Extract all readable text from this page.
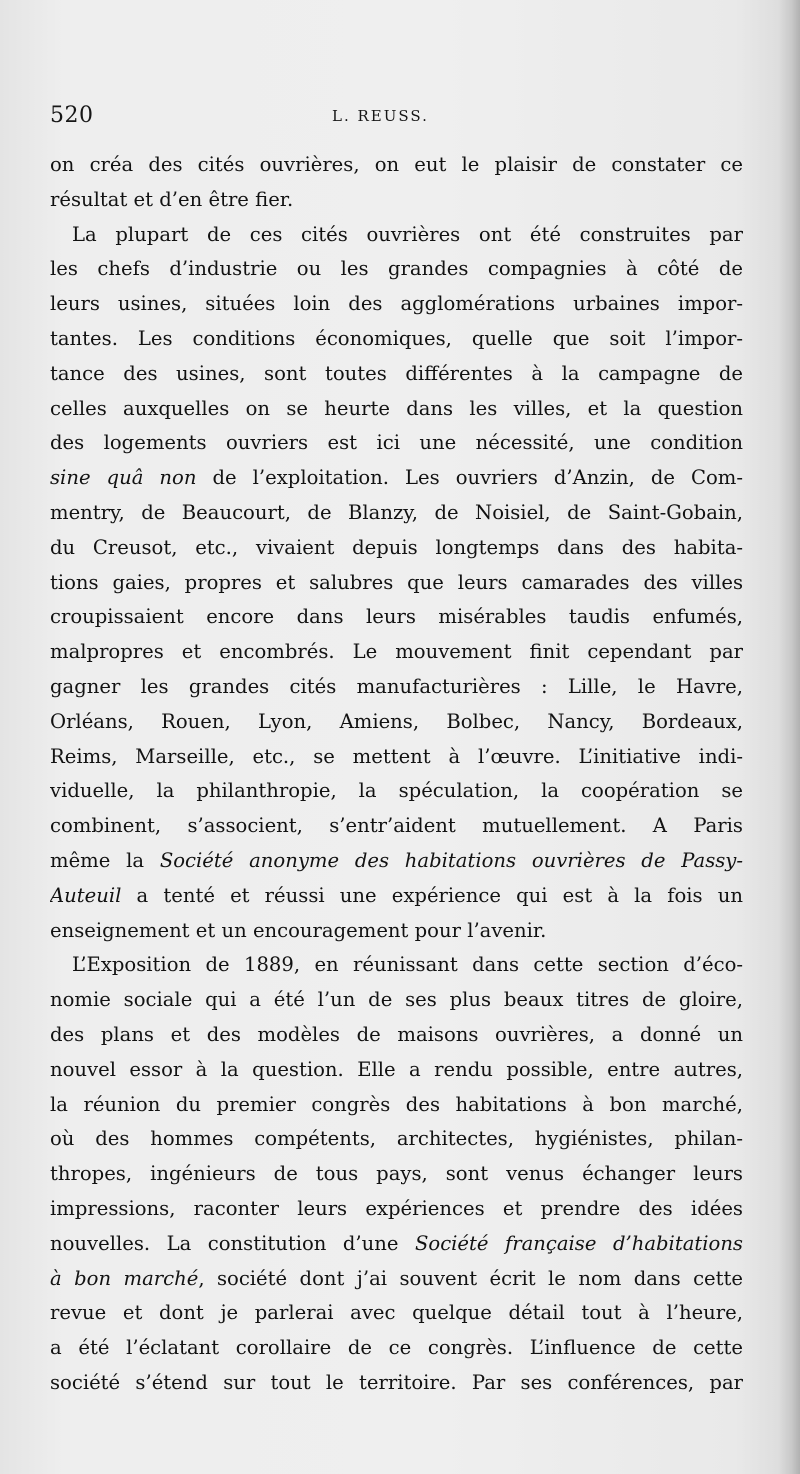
520	L. REUSS.
on créa des cités ouvrières, on eut le plaisir de constater ce
résultat et d’en être fier.
La plupart de ces cités ouvrières ont été construites par
les chefs d’industrie ou les grandes compagnies à côté de
leurs usines, situées loin des agglomérations urbaines impor-
tantes. Les conditions économiques, quelle que soit l’impor-
tance des usines, sont toutes différentes à la campagne de
celles auxquelles on se heurte dans les villes, et la question
des logements ouvriers est ici une nécessité, une condition
sine quâ non de l’exploitation. Les ouvriers d’Anzin, de Com-
mentry, de Beaucourt, de Blanzy, de Noisiel, de Saint-Gobain,
du Creusot, etc., vivaient depuis longtemps dans des habita-
tions gaies, propres et salubres que leurs camarades des villes
croupissaient encore dans leurs misérables taudis enfumés,
malpropres et encombrés. Le mouvement finit cependant par
gagner les grandes cités manufacturières : Lille, le Havre,
Orléans, Rouen, Lyon, Amiens, Bolbec, Nancy, Bordeaux,
Reims, Marseille, etc., se mettent à l’œuvre. L’initiative indi-
viduelle, la philanthropie, la spéculation, la coopération se
combinent, s’associent, s’entr’aident mutuellement. A Paris
même la Société anonyme des habitations ouvrières de Passy-
Auteuil a tenté et réussi une expérience qui est à la fois un
enseignement et un encouragement pour l’avenir.
L’Exposition de 1889, en réunissant dans cette section d’éco-
nomie sociale qui a été l’un de ses plus beaux titres de gloire,
des plans et des modèles de maisons ouvrières, a donné un
nouvel essor à la question. Elle a rendu possible, entre autres,
la réunion du premier congrès des habitations à bon marché,
où des hommes compétents, architectes, hygiénistes, philan-
thropes, ingénieurs de tous pays, sont venus échanger leurs
impressions, raconter leurs expériences et prendre des idées
nouvelles. La constitution d’une Société française d’habitations
à bon marché, société dont j’ai souvent écrit le nom dans cette
revue et dont je parlerai avec quelque détail tout à l’heure,
a été l’éclatant corollaire de ce congrès. L’influence de cette
société s’étend sur tout le territoire. Par ses conférences, par
